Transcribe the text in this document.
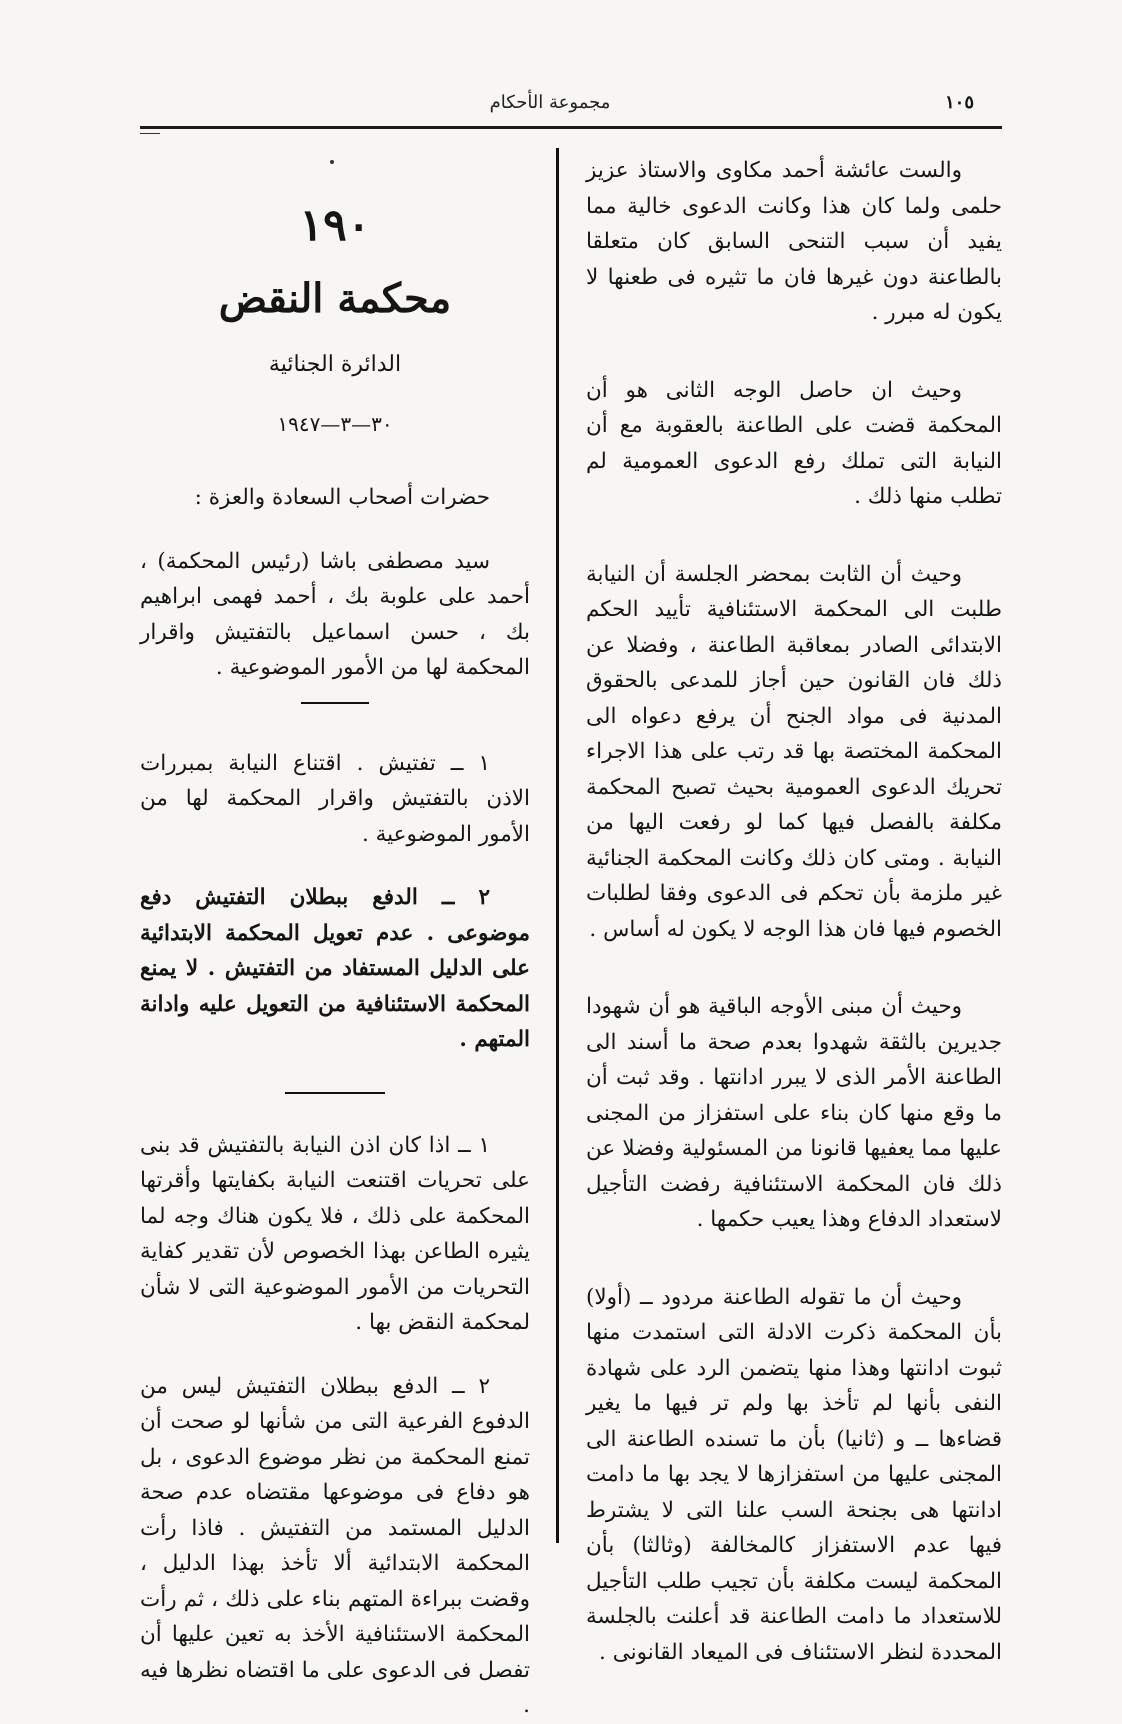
مجموعة الأحكام	١٠٥
١٩٠
محكمة النقض
الدائرة الجنائية
٣٠—٣—١٩٤٧

حضرات أصحاب السعادة والعزة :

سيد مصطفى باشا (رئيس المحكمة) ، أحمد على علوبة بك ، أحمد فهمى ابراهيم بك ، حسن اسماعيل بالتفتيش واقرار المحكمة لها من الأمور الموضوعية .

١ ــ تفتيش . اقتناع النيابة بمبررات الاذن بالتفتيش واقرار المحكمة لها من الأمور الموضوعية .

٢ ــ الدفع ببطلان التفتيش دفع موضوعى . عدم تعويل المحكمة الابتدائية على الدليل المستفاد من التفتيش . لا يمنع المحكمة الاستئنافية من التعويل عليه وادانة المتهم .

١ ــ اذا كان اذن النيابة بالتفتيش قد بنى على تحريات اقتنعت النيابة بكفايتها وأقرتها المحكمة على ذلك ، فلا يكون هناك وجه لما يثيره الطاعن بهذا الخصوص لأن تقدير كفاية التحريات من الأمور الموضوعية التى لا شأن لمحكمة النقض بها .

٢ ــ الدفع ببطلان التفتيش ليس من الدفوع الفرعية التى من شأنها لو صحت أن تمنع المحكمة من نظر موضوع الدعوى ، بل هو دفاع فى موضوعها مقتضاه عدم صحة الدليل المستمد من التفتيش . فاذا رأت المحكمة الابتدائية ألا تأخذ بهذا الدليل ، وقضت ببراءة المتهم بناء على ذلك ، ثم رأت المحكمة الاستئنافية الأخذ به تعين عليها أن تفصل فى الدعوى على ما اقتضاه نظرها فيه .

والست عائشة أحمد مكاوى والاستاذ عزيز حلمى ولما كان هذا وكانت الدعوى خالية مما يفيد أن سبب التنحى السابق كان متعلقا بالطاعنة دون غيرها فان ما تثيره فى طعنها لا يكون له مبرر .

وحيث ان حاصل الوجه الثانى هو أن المحكمة قضت على الطاعنة بالعقوبة مع أن النيابة التى تملك رفع الدعوى العمومية لم تطلب منها ذلك .

وحيث أن الثابت بمحضر الجلسة أن النيابة طلبت الى المحكمة الاستئنافية تأييد الحكم الابتدائى الصادر بمعاقبة الطاعنة ، وفضلا عن ذلك فان القانون حين أجاز للمدعى بالحقوق المدنية فى مواد الجنح أن يرفع دعواه الى المحكمة المختصة بها قد رتب على هذا الاجراء تحريك الدعوى العمومية بحيث تصبح المحكمة مكلفة بالفصل فيها كما لو رفعت اليها من النيابة . ومتى كان ذلك وكانت المحكمة الجنائية غير ملزمة بأن تحكم فى الدعوى وفقا لطلبات الخصوم فيها فان هذا الوجه لا يكون له أساس .

وحيث أن مبنى الأوجه الباقية هو أن شهودا جديرين بالثقة شهدوا بعدم صحة ما أسند الى الطاعنة الأمر الذى لا يبرر ادانتها . وقد ثبت أن ما وقع منها كان بناء على استفزاز من المجنى عليها مما يعفيها قانونا من المسئولية وفضلا عن ذلك فان المحكمة الاستئنافية رفضت التأجيل لاستعداد الدفاع وهذا يعيب حكمها .

وحيث أن ما تقوله الطاعنة مردود ــ (أولا) بأن المحكمة ذكرت الادلة التى استمدت منها ثبوت ادانتها وهذا منها يتضمن الرد على شهادة النفى بأنها لم تأخذ بها ولم تر فيها ما يغير قضاءها ــ و (ثانيا) بأن ما تسنده الطاعنة الى المجنى عليها من استفزازها لا يجد بها ما دامت ادانتها هى بجنحة السب علنا التى لا يشترط فيها عدم الاستفزاز كالمخالفة (وثالثا) بأن المحكمة ليست مكلفة بأن تجيب طلب التأجيل للاستعداد ما دامت الطاعنة قد أعلنت بالجلسة المحددة لنظر الاستئناف فى الميعاد القانونى .
